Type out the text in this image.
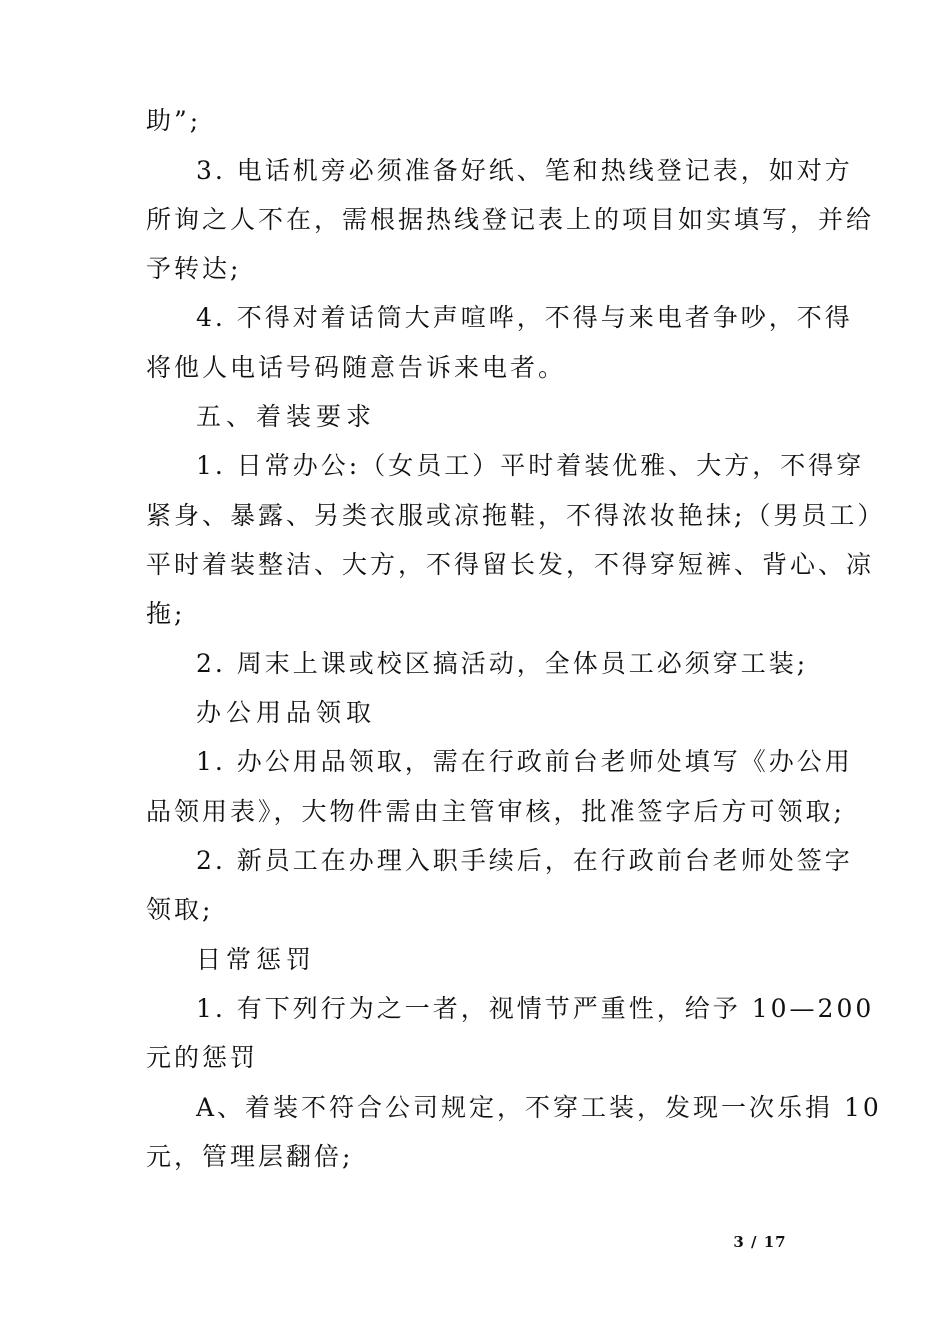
助”;
3. 电话机旁必须准备好纸、笔和热线登记表，如对方
所询之人不在，需根据热线登记表上的项目如实填写，并给
予转达;
4. 不得对着话筒大声喧哗，不得与来电者争吵，不得
将他人电话号码随意告诉来电者。
五、着装要求
1. 日常办公:（女员工）平时着装优雅、大方，不得穿
紧身、暴露、另类衣服或凉拖鞋，不得浓妆艳抹;（男员工）
平时着装整洁、大方，不得留长发，不得穿短裤、背心、凉
拖;
2. 周末上课或校区搞活动，全体员工必须穿工装;
办公用品领取
1. 办公用品领取，需在行政前台老师处填写《办公用
品领用表》，大物件需由主管审核，批准签字后方可领取;
2. 新员工在办理入职手续后，在行政前台老师处签字
领取;
日常惩罚
1. 有下列行为之一者，视情节严重性，给予 10—200
元的惩罚
A、着装不符合公司规定，不穿工装，发现一次乐捐 10
元，管理层翻倍;
3 / 17
